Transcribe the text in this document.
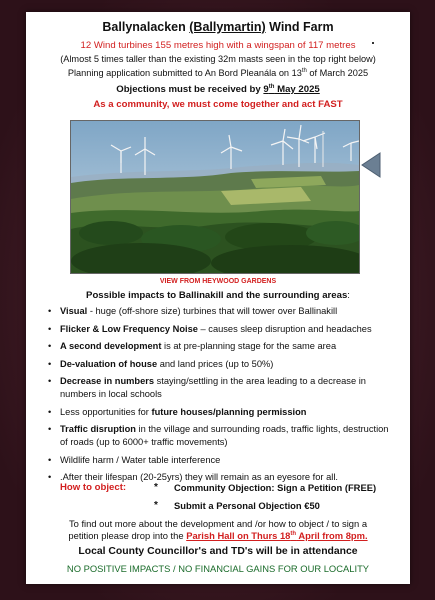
Ballynalacken (Ballymartin) Wind Farm
12 Wind turbines 155 metres high with a wingspan of 117 metres
(Almost 5 times taller than the existing 32m masts seen in the top right below)
Planning application submitted to An Bord Pleanála on 13th of March 2025
Objections must be received by 9th May 2025
As a community, we must come together and act FAST
VIEW FROM HEYWOOD GARDENS
Possible impacts to Ballinakill and the surrounding areas:
• Visual - huge (off-shore size) turbines that will tower over Ballinakill
• Flicker & Low Frequency Noise – causes sleep disruption and headaches
• A second development is at pre-planning stage for the same area
• De-valuation of house and land prices (up to 50%)
• Decrease in numbers staying/settling in the area leading to a decrease in numbers in local schools
• Less opportunities for future houses/planning permission
• Traffic disruption in the village and surrounding roads, traffic lights, destruction of roads (up to 6000+ traffic movements)
• Wildlife harm / Water table interference
• .After their lifespan (20-25yrs) they will remain as an eyesore for all.
How to object:	* Community Objection: Sign a Petition (FREE)
* Submit a Personal Objection €50
To find out more about the development and /or how to object / to sign a
petition please drop into the Parish Hall on Thurs 18th April from 8pm.
Local County Councillor's and TD's will be in attendance
NO POSITIVE IMPACTS / NO FINANCIAL GAINS FOR OUR LOCALITY
